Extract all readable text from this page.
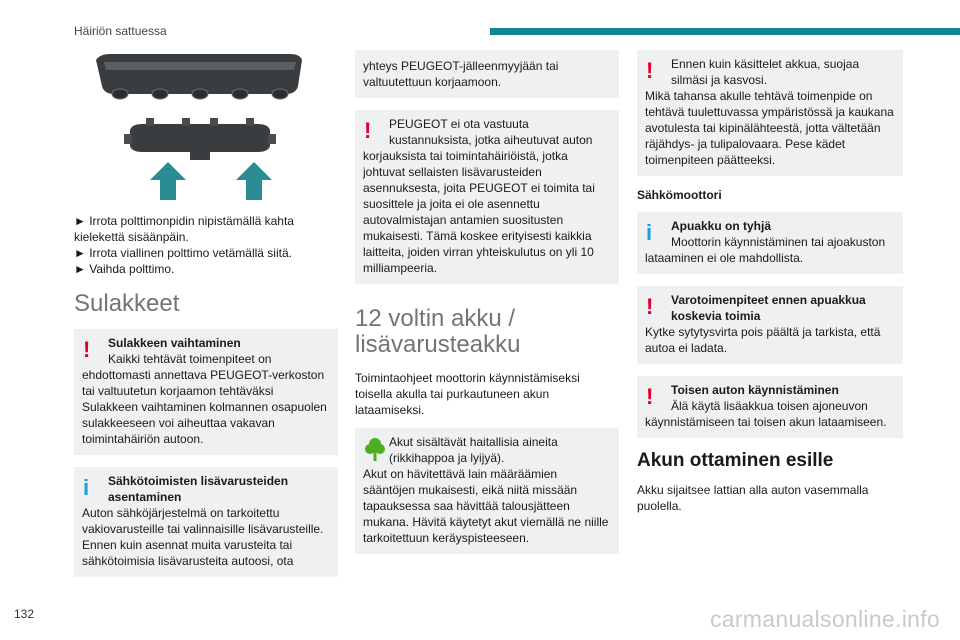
Häiriön sattuessa

► Irrota polttimonpidin nipistämällä kahta kielekettä sisäänpäin.

► Irrota viallinen polttimo vetämällä siitä.

► Vaihda polttimo.

Sulakkeet
!	Sulakkeen vaihtaminen
Kaikki tehtävät toimenpiteet on
ehdottomasti annettava PEUGEOT-verkoston tai valtuutetun korjaamon tehtäväksi Sulakkeen vaihtaminen kolmannen osapuolen sulakkeeseen voi aiheuttaa vakavan toimintahäiriön autoon.
i	Sähkötoimisten lisävarusteiden
asentaminen
Auton sähköjärjestelmä on tarkoitettu vakiovarusteille tai valinnaisille lisävarusteille. Ennen kuin asennat muita varusteita tai sähkötoimisia lisävarusteita autoosi, ota
yhteys PEUGEOT-jälleenmyyjään tai valtuutettuun korjaamoon.
!	PEUGEOT ei ota vastuuta
kustannuksista, jotka aiheutuvat auton
korjauksista tai toimintahäiriöistä, jotka johtuvat sellaisten lisävarusteiden asennuksesta, joita PEUGEOT ei toimita tai suosittele ja joita ei ole asennettu autovalmistajan antamien suositusten mukaisesti. Tämä koskee erityisesti kaikkia laitteita, joiden virran yhteiskulutus on yli 10 milliampeeria.
12 voltin akku / lisävarusteakku

Toimintaohjeet moottorin käynnistämiseksi toisella akulla tai purkautuneen akun lataamiseksi.

Akut sisältävät haitallisia aineita
(rikkihappoa ja lyijyä).
Akut on hävitettävä lain määräämien sääntöjen mukaisesti, eikä niitä missään tapauksessa saa hävittää talousjätteen mukana. Hävitä käytetyt akut viemällä ne niille tarkoitettuun keräyspisteeseen.
!	Ennen kuin käsittelet akkua, suojaa
silmäsi ja kasvosi.
Mikä tahansa akulle tehtävä toimenpide on tehtävä tuulettuvassa ympäristössä ja kaukana avotulesta tai kipinälähteestä, jotta vältetään räjähdys- ja tulipalovaara. Pese kädet toimenpiteen päätteeksi.
Sähkömoottori
i	Apuakku on tyhjä
Moottorin käynnistäminen tai ajoakuston
lataaminen ei ole mahdollista.
!	Varotoimenpiteet ennen apuakkua
koskevia toimia
Kytke sytytysvirta pois päältä ja tarkista, että autoa ei ladata.
!	Toisen auton käynnistäminen
Älä käytä lisäakkua toisen ajoneuvon
käynnistämiseen tai toisen akun lataamiseen.
Akun ottaminen esille

Akku sijaitsee lattian alla auton vasemmalla puolella.

132	carmanualsonline.info
